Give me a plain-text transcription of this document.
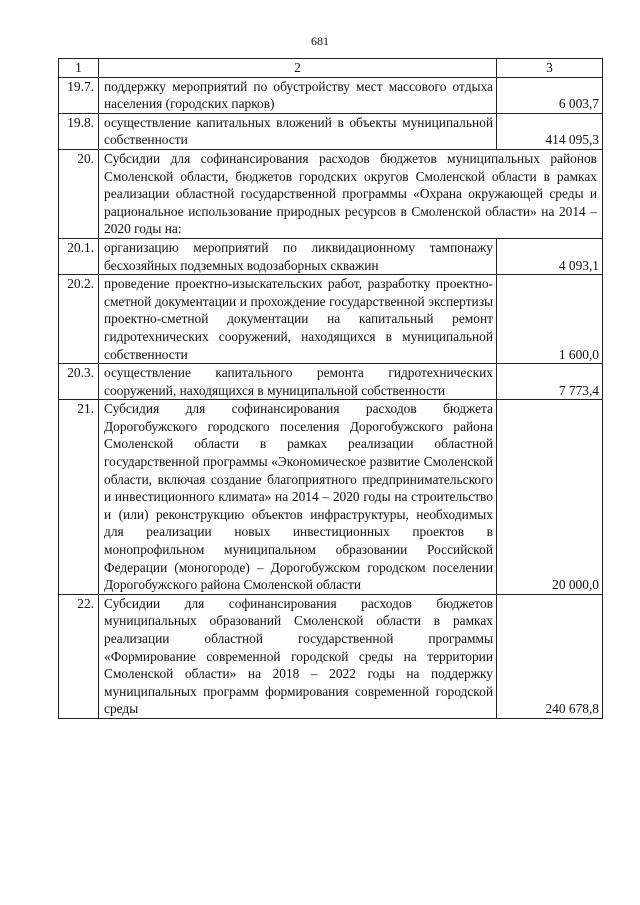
681
1	2	3
19.7.	поддержку мероприятий по обустройству мест массового отдыха населения (городских парков)	6 003,7
19.8.	осуществление капитальных вложений в объекты муниципальной собственности	414 095,3
20.	Субсидии для софинансирования расходов бюджетов муниципальных районов Смоленской области, бюджетов городских округов Смоленской области в рамках реализации областной государственной программы «Охрана окружающей среды и рациональное использование природных ресурсов в Смоленской области» на 2014 – 2020 годы на:	

20.1.	организацию мероприятий по ликвидационному тампонажу бесхозяйных подземных водозаборных скважин	4 093,1
20.2.	проведение проектно-изыскательских работ, разработку проектно-сметной документации и прохождение государственной экспертизы проектно-сметной документации на капитальный ремонт гидротехнических сооружений, находящихся в муниципальной собственности	1 600,0
20.3.	осуществление капитального ремонта гидротехнических сооружений, находящихся в муниципальной собственности	7 773,4
21.	Субсидия для софинансирования расходов бюджета Дорогобужского городского поселения Дорогобужского района Смоленской области в рамках реализации областной государственной программы «Экономическое развитие Смоленской области, включая создание благоприятного предпринимательского и инвестиционного климата» на 2014 – 2020 годы на строительство и (или) реконструкцию объектов инфраструктуры, необходимых для реализации новых инвестиционных проектов в монопрофильном муниципальном образовании Российской Федерации (моногороде) – Дорогобужском городском поселении Дорогобужского района Смоленской области	20 000,0
22.	Субсидии для софинансирования расходов бюджетов муниципальных образований Смоленской области в рамках реализации областной государственной программы «Формирование современной городской среды на территории Смоленской области» на 2018 – 2022 годы на поддержку муниципальных программ формирования современной городской среды	240 678,8
